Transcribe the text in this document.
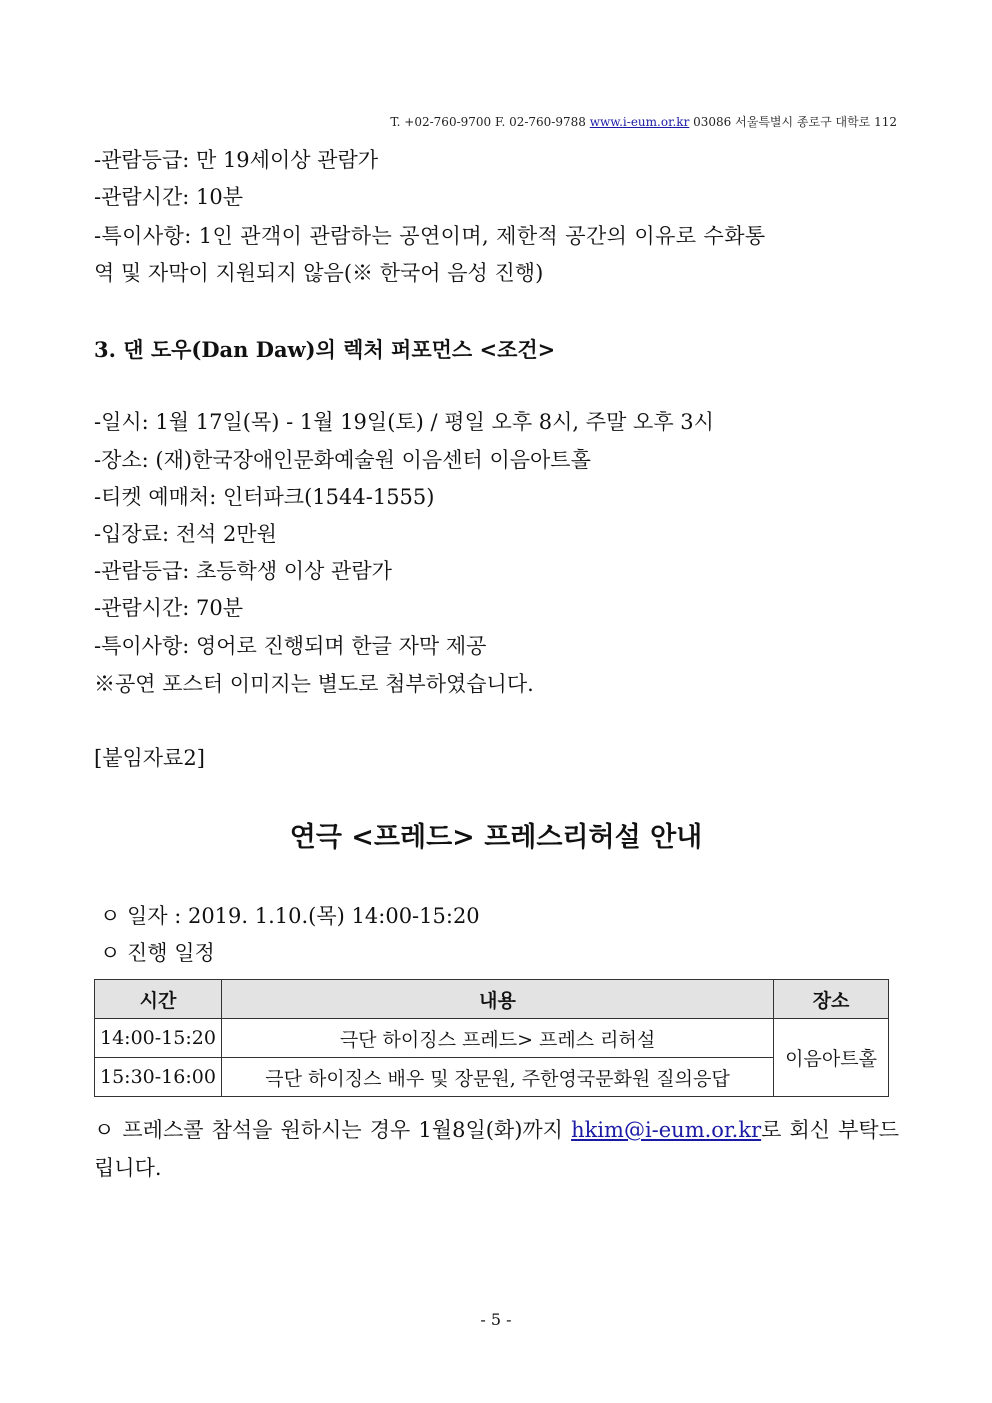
T. +02-760-9700 F. 02-760-9788 www.i-eum.or.kr 03086 서울특별시 종로구 대학로 112
-관람등급: 만 19세이상 관람가
-관람시간: 10분
-특이사항: 1인 관객이 관람하는 공연이며, 제한적 공간의 이유로 수화통
역 및 자막이 지원되지 않음(※ 한국어 음성 진행)
3. 댄 도우(Dan Daw)의 렉처 퍼포먼스 <조건>
-일시: 1월 17일(목) - 1월 19일(토) / 평일 오후 8시, 주말 오후 3시
-장소: (재)한국장애인문화예술원 이음센터 이음아트홀
-티켓 예매처: 인터파크(1544-1555)
-입장료: 전석 2만원
-관람등급: 초등학생 이상 관람가
-관람시간: 70분
-특이사항: 영어로 진행되며 한글 자막 제공
※공연 포스터 이미지는 별도로 첨부하였습니다.
[붙임자료2]
연극 <프레드> 프레스리허설 안내
ㅇ 일자 : 2019. 1.10.(목) 14:00-15:20
ㅇ 진행 일정
시간	내용	장소
14:00-15:20	극단 하이징스 프레드> 프레스 리허설	이음아트홀
15:30-16:00	극단 하이징스 배우 및 장문원, 주한영국문화원 질의응답	
ㅇ 프레스콜 참석을 원하시는 경우 1월8일(화)까지 hkim@i-eum.or.kr로 회신 부탁드립니다.
- 5 -
